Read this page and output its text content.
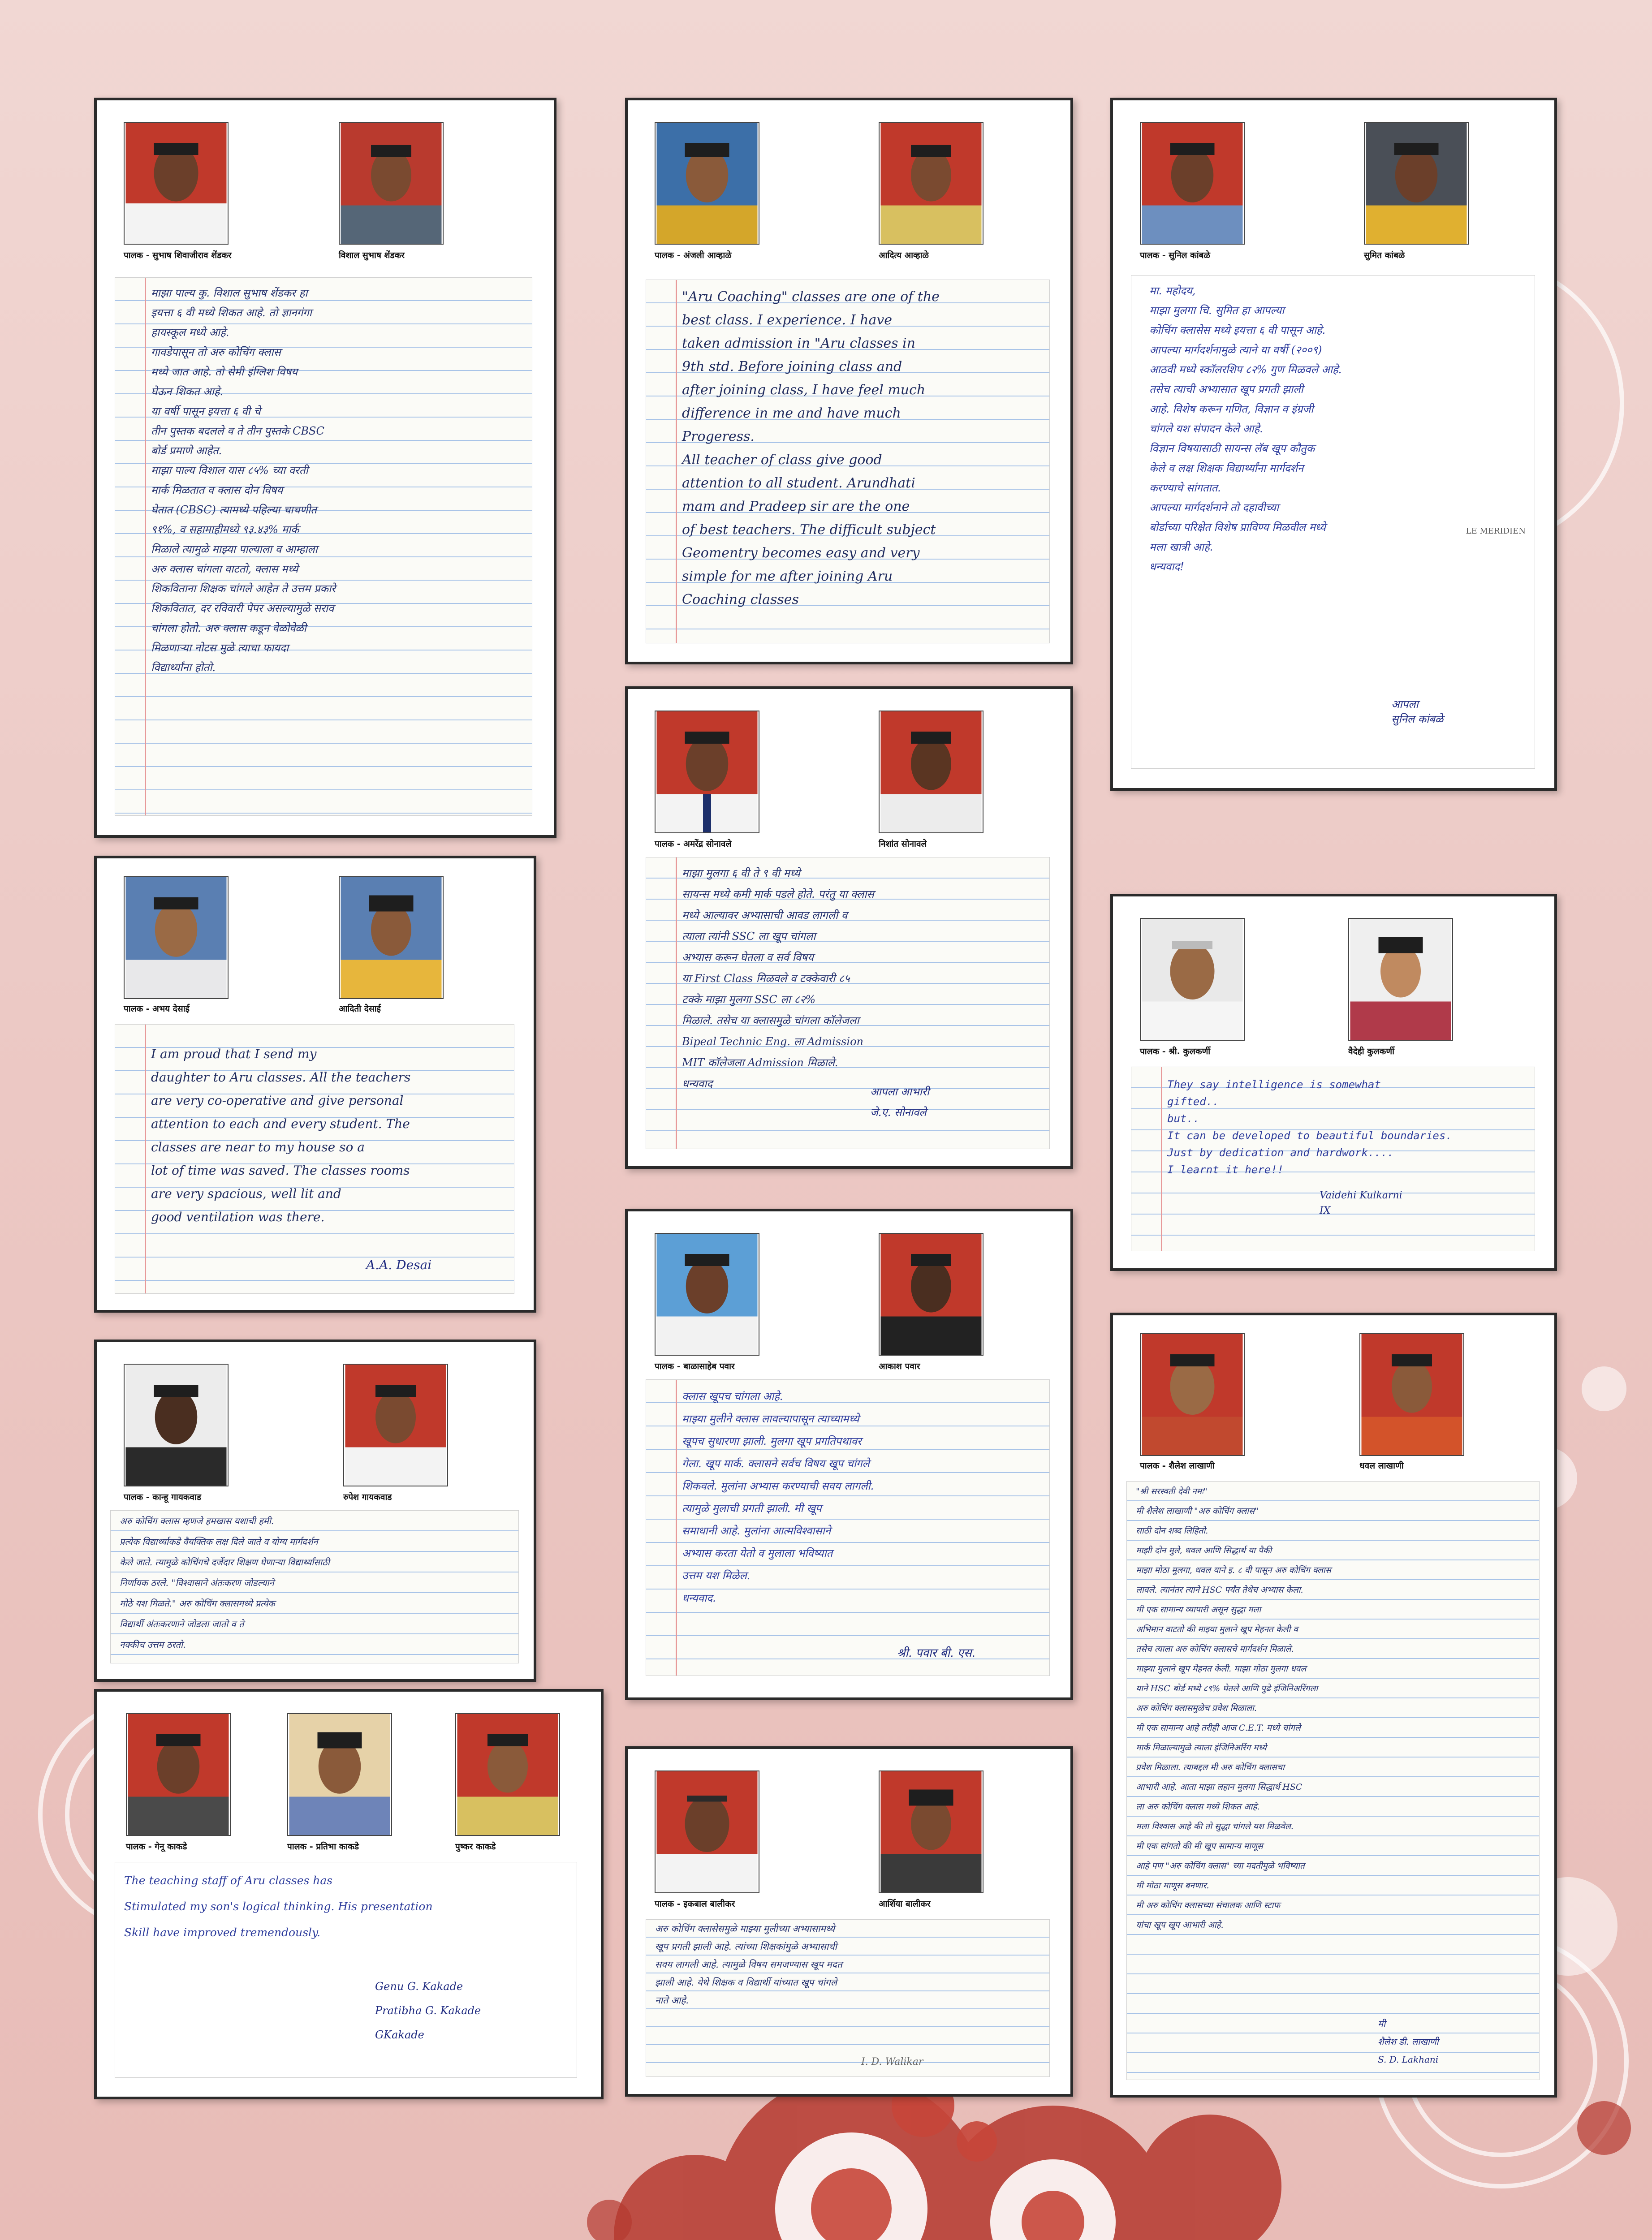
पालक - सुभाष शिवाजीराव शेंडकर	विशाल सुभाष शेंडकर
माझा पाल्य कु. विशाल सुभाष शेंडकर हा
इयत्ता ६ वी मध्ये शिकत आहे. तो ज्ञानगंगा
हायस्कूल मध्ये आहे.
गावडेपासून तो अरु कोचिंग क्लास
मध्ये जात आहे. तो सेमी इंग्लिश विषय
घेऊन शिकत आहे.
या वर्षी पासून इयत्ता ६ वी चे
तीन पुस्तक बदलले व ते तीन पुस्तके CBSC
बोर्ड प्रमाणे आहेत.
माझा पाल्य विशाल यास ८५% च्या वरती
मार्क मिळतात व क्लास दोन विषय
घेतात (CBSC) त्यामध्ये पहिल्या चाचणीत
९१%, व सहामाहीमध्ये ९३.४३% मार्क
मिळाले त्यामुळे माझ्या पाल्याला व आम्हाला
अरु क्लास चांगला वाटतो, क्लास मध्ये
शिकविताना शिक्षक चांगले आहेत ते उत्तम प्रकारे
शिकवितात, दर रविवारी पेपर असल्यामुळे सराव
चांगला होतो. अरु क्लास कडून वेळोवेळी
मिळणाऱ्या नोटस मुळे त्याचा फायदा
विद्यार्थ्यांना होतो.
पालक - अंजली आव्हाळे	आदित्य आव्हाळे
"Aru Coaching" classes are one of the
best class. I experience. I have
taken admission in "Aru classes in
9th std. Before joining class and
after joining class, I have feel much
difference in me and have much
Progeress.
All teacher of class give good
attention to all student. Arundhati
mam and Pradeep sir are the one
of best teachers. The difficult subject
Geomentry becomes easy and very
simple for me after joining Aru
Coaching classes
पालक - सुनिल कांबळे	सुमित कांबळे
मा. महोदय,
माझा मुलगा चि. सुमित हा आपल्या
कोचिंग क्लासेस मध्ये इयत्ता ६ वी पासून आहे.
आपल्या मार्गदर्शनामुळे त्याने या वर्षी (२००९)
आठवी मध्ये स्कॉलरशिप ८२% गुण मिळवले आहे.
तसेच त्याची अभ्यासात खूप प्रगती झाली
आहे. विशेष करून गणित, विज्ञान व इंग्रजी
चांगले यश संपादन केले आहे.
विज्ञान विषयासाठी सायन्स लॅब खूप कौतुक
केले व लक्ष शिक्षक विद्यार्थ्यांना मार्गदर्शन
करण्याचे सांगतात.
आपल्या मार्गदर्शनाने तो दहावीच्या
बोर्डाच्या परिक्षेत विशेष प्राविण्य मिळवील मध्ये
मला खात्री आहे.
धन्यवाद!
LE MERIDIEN
आपला
सुनिल कांबळे
पालक - अभय देसाई	आदिती देसाई
I am proud that I send my
daughter to Aru classes. All the teachers
are very co-operative and give personal
attention to each and every student. The
classes are near to my house so a
lot of time was saved. The classes rooms
are very spacious, well lit and
good ventilation was there.
A.A. Desai
पालक - अमरेंद्र सोनावले	निशांत सोनावले
माझा मुलगा ६ वी ते ९ वी मध्ये
सायन्स मध्ये कमी मार्क पडले होते. परंतु या क्लास
मध्ये आल्यावर अभ्यासाची आवड लागली व
त्याला त्यांनी SSC ला खूप चांगला
अभ्यास करून घेतला व सर्व विषय
या First Class मिळवले व टक्केवारी ८५
टक्के माझा मुलगा SSC ला ८२%
मिळाले. तसेच या क्लासमुळे चांगला कॉलेजला
Bipeal Technic Eng. ला Admission
MIT कॉलेजला Admission मिळाले.
धन्यवाद
आपला आभारी
जे.ए. सोनावले
पालक - श्री. कुलकर्णी	वैदेही कुलकर्णी
They say intelligence is somewhat
gifted..
but..
It can be developed to beautiful boundaries.
Just by dedication and hardwork....
I learnt it here!!
Vaidehi Kulkarni
IX
पालक - कान्हू गायकवाड	रुपेश गायकवाड
अरु कोचिंग क्लास म्हणजे हमखास यशाची हमी.
प्रत्येक विद्यार्थ्याकडे वैयक्तिक लक्ष दिले जाते व योग्य मार्गदर्शन
केले जाते. त्यामुळे कोचिंगचे दर्जेदार शिक्षण घेणाऱ्या विद्यार्थ्यांसाठी
निर्णायक ठरले. "विश्वासाने अंतःकरण जोडल्याने
मोठे यश मिळते." अरु कोचिंग क्लासमध्ये प्रत्येक
विद्यार्थी अंतःकरणाने जोडला जातो व ते
नक्कीच उत्तम ठरतो.
पालक - बाळासाहेब पवार	आकाश पवार
क्लास खूपच चांगला आहे.
माझ्या मुलीने क्लास लावल्यापासून त्याच्यामध्ये
खूपच सुधारणा झाली. मुलगा खूप प्रगतिपथावर
गेला. खूप मार्क. क्लासने सर्वच विषय खूप चांगले
शिकवले. मुलांना अभ्यास करण्याची सवय लागली.
त्यामुळे मुलाची प्रगती झाली. मी खूप
समाधानी आहे. मुलांना आत्मविश्वासाने
अभ्यास करता येतो व मुलाला भविष्यात
उत्तम यश मिळेल.
धन्यवाद.
श्री. पवार बी. एस.
पालक - शैलेश लाखाणी	धवल लाखाणी
"श्री सरस्वती देवी नमः"
मी शैलेश लाखाणी "अरु कोचिंग क्लास"
साठी दोन शब्द लिहितो.
माझी दोन मुले, धवल आणि सिद्धार्थ या पैकी
माझा मोठा मुलगा, धवल याने इ. ८ वी पासून अरु कोचिंग क्लास
लावले. त्यानंतर त्याने HSC पर्यंत तेथेच अभ्यास केला.
मी एक सामान्य व्यापारी असून सुद्धा मला
अभिमान वाटतो की माझ्या मुलाने खूप मेहनत केली व
तसेच त्याला अरु कोचिंग क्लासचे मार्गदर्शन मिळाले.
माझ्या मुलाने खूप मेहनत केली. माझा मोठा मुलगा धवल
याने HSC बोर्ड मध्ये ८९% घेतले आणि पुढे इंजिनिअरिंगला
अरु कोचिंग क्लासमुळेच प्रवेश मिळाला.
मी एक सामान्य आहे तरीही आज C.E.T. मध्ये चांगले
मार्क मिळाल्यामुळे त्याला इंजिनिअरिंग मध्ये
प्रवेश मिळाला. त्याबद्दल मी अरु कोचिंग क्लासचा
आभारी आहे. आता माझा लहान मुलगा सिद्धार्थ HSC
ला अरु कोचिंग क्लास मध्ये शिकत आहे.
मला विश्वास आहे की तो सुद्धा चांगले यश मिळवेल.
मी एक सांगतो की मी खूप सामान्य माणूस
आहे पण "अरु कोचिंग क्लास" च्या मदतीमुळे भविष्यात
मी मोठा माणूस बनणार.
मी अरु कोचिंग क्लासच्या संचालक आणि स्टाफ
यांचा खूप खूप आभारी आहे.
मी
शैलेश डी. लाखाणी
S. D. Lakhani
पालक - गेनू काकडे	पालक - प्रतिभा काकडे	पुष्कर काकडे
The teaching staff of Aru classes has
Stimulated my son's logical thinking. His presentation
Skill have improved tremendously.
Genu G. Kakade
Pratibha G. Kakade
GKakade
पालक - इकबाल बालीकर	आर्शिया बालीकर
अरु कोचिंग क्लासेसमुळे माझ्या मुलीच्या अभ्यासामध्ये
खूप प्रगती झाली आहे. त्यांच्या शिक्षकांमुळे अभ्यासाची
सवय लागली आहे. त्यामुळे विषय समजण्यास खूप मदत
झाली आहे. येथे शिक्षक व विद्यार्थी यांच्यात खूप चांगले
नाते आहे.
I. D. Walikar
